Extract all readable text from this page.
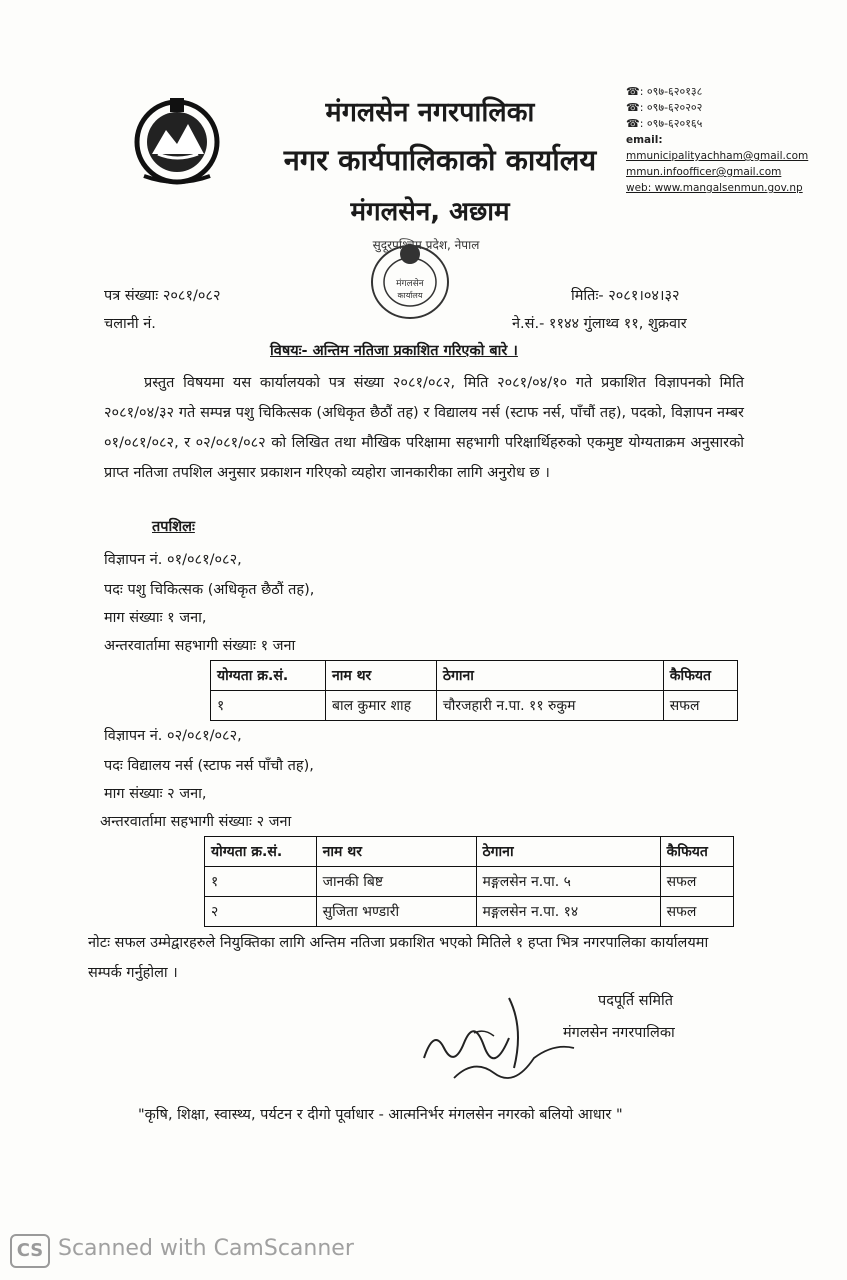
मंगलसेन नगरपालिका
नगर कार्यपालिकाको कार्यालय
मंगलसेन, अछाम
☎: ०९७-६२०१३८
☎: ०९७-६२०२०२
☎: ०९७-६२०१६५
email:
mmunicipalityachham@gmail.com
mmun.infoofficer@gmail.com
web: www.mangalsenmun.gov.np
मंगलसेन
कार्यालय
सुदूरपश्चिम प्रदेश, नेपाल
पत्र संख्याः २०८१/०८२
चलानी नं.
मितिः- २०८१।०४।३२
ने.सं.- ११४४ गुंलाथ्व ११, शुक्रवार
विषयः- अन्तिम नतिजा प्रकाशित गरिएको बारे ।
प्रस्तुत विषयमा यस कार्यालयको पत्र संख्या २०८१/०८२, मिति २०८१/०४/१० गते प्रकाशित विज्ञापनको मिति २०८१/०४/३२ गते सम्पन्न पशु चिकित्सक (अधिकृत छैठौं तह) र विद्यालय नर्स (स्टाफ नर्स, पाँचौं तह), पदको, विज्ञापन नम्बर ०१/०८१/०८२, र ०२/०८१/०८२ को लिखित तथा मौखिक परिक्षामा सहभागी परिक्षार्थिहरुको एकमुष्ट योग्यताक्रम अनुसारको प्राप्त नतिजा तपशिल अनुसार प्रकाशन गरिएको व्यहोरा जानकारीका लागि अनुरोध छ ।
तपशिलः
विज्ञापन नं. ०१/०८१/०८२,
पदः पशु चिकित्सक (अधिकृत छैठौं तह),
माग संख्याः १ जना,
अन्तरवार्तामा सहभागी संख्याः १ जना
योग्यता क्र.सं.	नाम थर	ठेगाना	कैफियत
१	बाल कुमार शाह	चौरजहारी न.पा. ११ रुकुम	सफल
विज्ञापन नं. ०२/०८१/०८२,
पदः विद्यालय नर्स (स्टाफ नर्स पाँचौ तह),
माग संख्याः २ जना,
अन्तरवार्तामा सहभागी संख्याः २ जना
योग्यता क्र.सं.	नाम थर	ठेगाना	कैफियत
१	जानकी बिष्ट	मङ्गलसेन न.पा. ५	सफल
२	सुजिता भण्डारी	मङ्गलसेन न.पा. १४	सफल
नोटः सफल उम्मेद्वारहरुले नियुक्तिका लागि अन्तिम नतिजा प्रकाशित भएको मितिले १ हप्ता भित्र नगरपालिका कार्यालयमा सम्पर्क गर्नुहोला ।
पदपूर्ति समिति
मंगलसेन नगरपालिका
"कृषि, शिक्षा, स्वास्थ्य, पर्यटन र दीगो पूर्वाधार - आत्मनिर्भर मंगलसेन नगरको बलियो आधार "
CS Scanned with CamScanner
